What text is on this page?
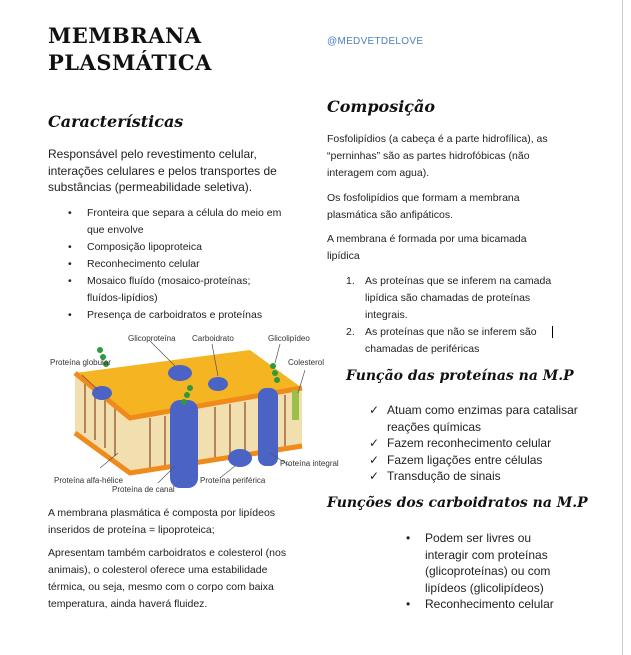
MEMBRANA
PLASMÁTICA
@MEDVETDELOVE
Características
Responsável pelo revestimento celular, interações celulares e pelos transportes de substâncias (permeabilidade seletiva).
• Fronteira que separa a célula do meio em que envolve
• Composição lipoproteica
• Reconhecimento celular
• Mosaico fluído (mosaico-proteínas; fluídos-lipídios)
• Presença de carboidratos e proteínas
Glicoproteína Carboidrato	Glicolipídeo
Proteína globular	Colesterol
Proteína integral
Proteína alfa-hélice
Proteína de canal
Proteína periférica
A membrana plasmática é composta por lipídeos inseridos de proteína = lipoproteica;
Apresentam também carboidratos e colesterol (nos animais), o colesterol oferece uma estabilidade térmica, ou seja, mesmo com o corpo com baixa temperatura, ainda haverá fluidez.
Composição
Fosfolipídios (a cabeça é a parte hidrofílica), as “perninhas” são as partes hidrofóbicas (não interagem com agua).
Os fosfolipídios que formam a membrana plasmática são anfipáticos.
A membrana é formada por uma bicamada lipídica
1. As proteínas que se inferem na camada lipídica são chamadas de proteínas integrais.
2. As proteínas que não se inferem são chamadas de periféricas
Função das proteínas na M.P
✓ Atuam como enzimas para catalisar reações químicas
✓ Fazem reconhecimento celular
✓ Fazem ligações entre células
✓ Transdução de sinais
Funções dos carboidratos na M.P
• Podem ser livres ou interagir com proteínas (glicoproteínas) ou com lipídeos (glicolipídeos)
• Reconhecimento celular
